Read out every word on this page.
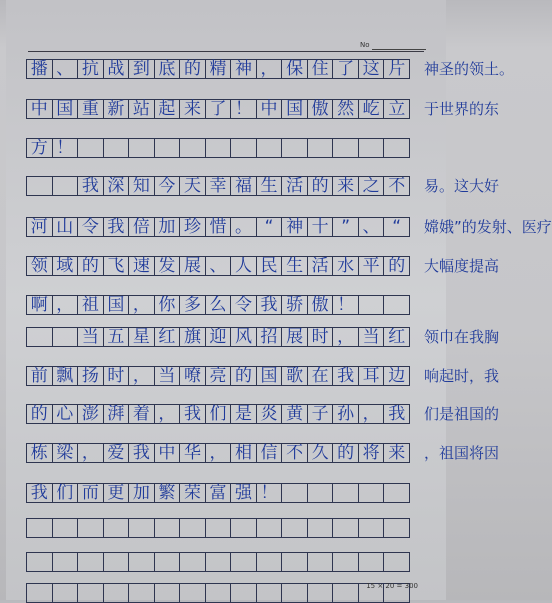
No
播 、 抗 战 到 底 的 精 神 ， 保 住 了 这 片	神圣的领土。
中 国 重 新 站 起 来 了 ！ 中 国 傲 然 屹 立	于世界的东
方 ！
我 深 知 今 天 幸 福 生 活 的 来 之 不	易。这大好
河 山 令 我 倍 加 珍 惜 。 “ 神 十 ” 、 “	嫦娥”的发射、医疗
领 域 的 飞 速 发 展 、 人 民 生 活 水 平 的	大幅度提高
啊 ， 祖 国 ， 你 多 么 令 我 骄 傲 ！
当 五 星 红 旗 迎 风 招 展 时 ， 当 红	领巾在我胸
前 飘 扬 时 ， 当 嘹 亮 的 国 歌 在 我 耳 边	响起时，我
的 心 澎 湃 着 ， 我 们 是 炎 黄 子 孙 ， 我	们是祖国的
栋 梁 ， 爱 我 中 华 ， 相 信 不 久 的 将 来	，祖国将因
我 们 而 更 加 繁 荣 富 强 ！
15 × 20 = 300
